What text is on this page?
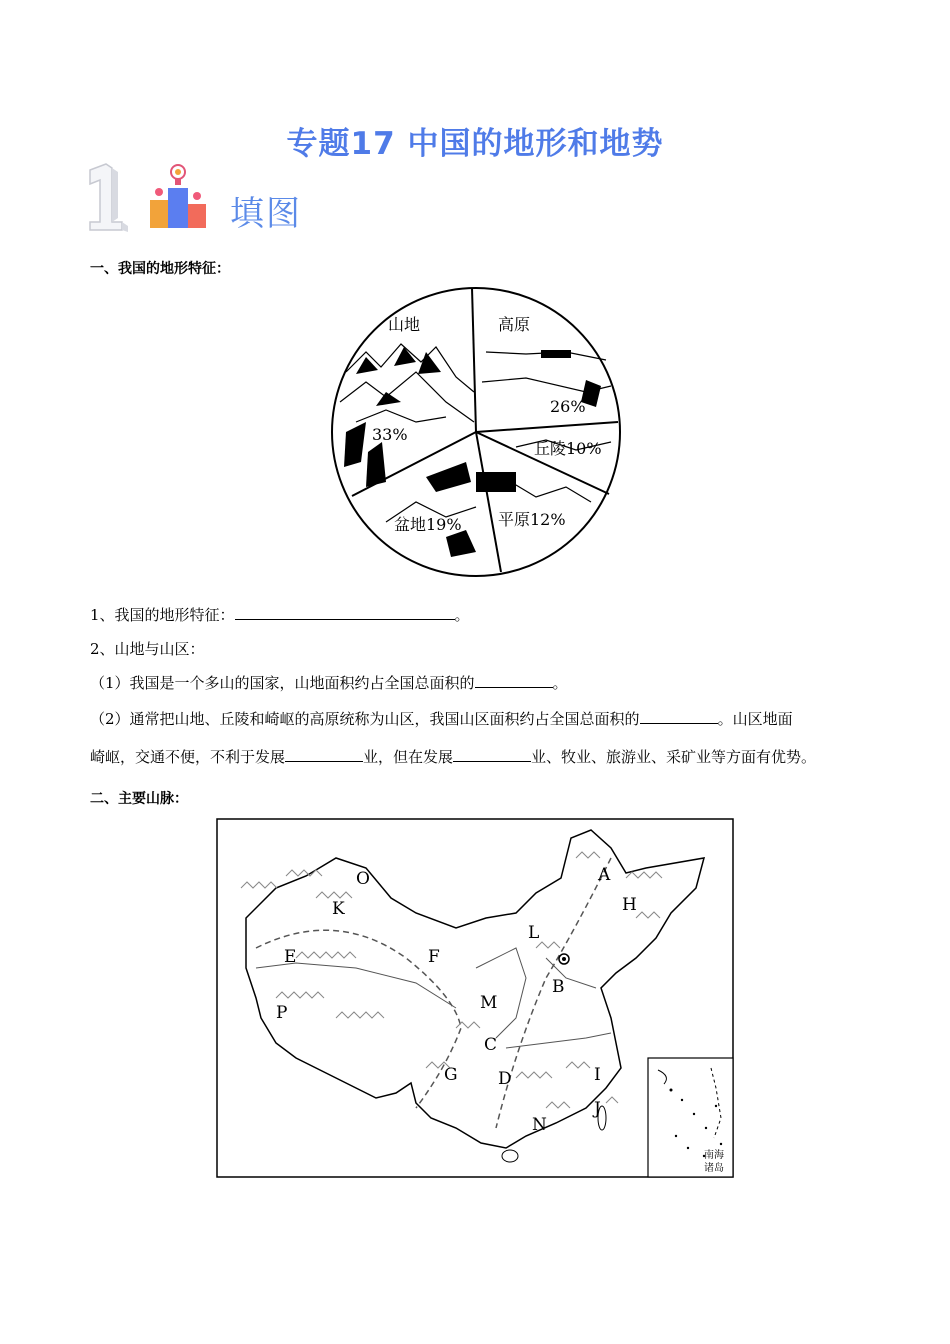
专题17 中国的地形和地势
填图
一、我国的地形特征：
山地	高原
33%
26%
丘陵10%
盆地19% 平原12%
1、我国的地形特征：	。
2、山地与山区：
（1）我国是一个多山的国家，山地面积约占全国总面积的	。
（2）通常把山地、丘陵和崎岖的高原统称为山区，我国山区面积约占全国总面积的	。山区地面
崎岖，交通不便，不利于发展	业，但在发展	业、牧业、旅游业、采矿业等方面有优势。
二、主要山脉：
O
K
E	F
P
A
H
L
B
M
C
G D	I
J
N
南海
诸岛
